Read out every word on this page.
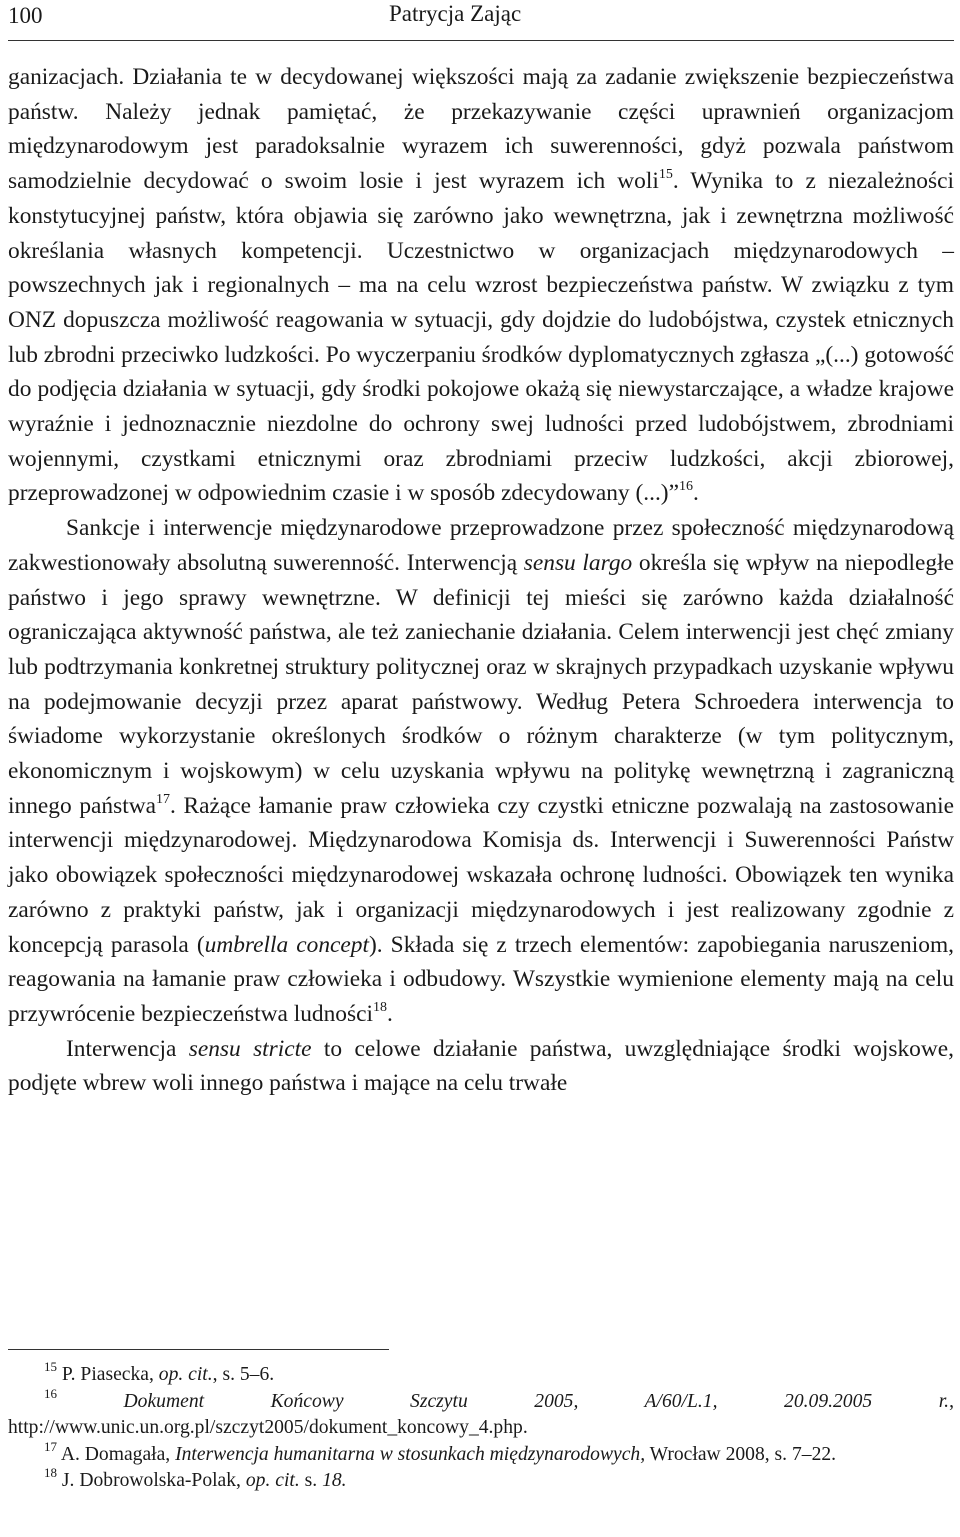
100	Patrycja Zając

ganizacjach. Działania te w decydowanej większości mają za zadanie zwiększenie bezpieczeństwa państw. Należy jednak pamiętać, że przekazywanie części uprawnień organizacjom międzynarodowym jest paradoksalnie wyrazem ich suwerenności, gdyż pozwala państwom samodzielnie decydować o swoim losie i jest wyrazem ich woli$^{15}$. Wynika to z niezależności konstytucyjnej państw, która objawia się zarówno jako wewnętrzna, jak i zewnętrzna możliwość określania własnych kompetencji. Uczestnictwo w organizacjach międzynarodowych – powszechnych jak i regionalnych – ma na celu wzrost bezpieczeństwa państw. W związku z tym ONZ dopuszcza możliwość reagowania w sytuacji, gdy dojdzie do ludobójstwa, czystek etnicznych lub zbrodni przeciwko ludzkości. Po wyczerpaniu środków dyplomatycznych zgłasza „(...) gotowość do podjęcia działania w sytuacji, gdy środki pokojowe okażą się niewystarczające, a władze krajowe wyraźnie i jednoznacznie niezdolne do ochrony swej ludności przed ludobójstwem, zbrodniami wojennymi, czystkami etnicznymi oraz zbrodniami przeciw ludzkości, akcji zbiorowej, przeprowadzonej w odpowiednim czasie i w sposób zdecydowany (...)”$^{16}$.

Sankcje i interwencje międzynarodowe przeprowadzone przez społeczność międzynarodową zakwestionowały absolutną suwerenność. Interwencją sensu largo określa się wpływ na niepodległe państwo i jego sprawy wewnętrzne. W definicji tej mieści się zarówno każda działalność ograniczająca aktywność państwa, ale też zaniechanie działania. Celem interwencji jest chęć zmiany lub podtrzymania konkretnej struktury politycznej oraz w skrajnych przypadkach uzyskanie wpływu na podejmowanie decyzji przez aparat państwowy. Według Petera Schroedera interwencja to świadome wykorzystanie określonych środków o różnym charakterze (w tym politycznym, ekonomicznym i wojskowym) w celu uzyskania wpływu na politykę wewnętrzną i zagraniczną innego państwa$^{17}$. Rażące łamanie praw człowieka czy czystki etniczne pozwalają na zastosowanie interwencji międzynarodowej. Międzynarodowa Komisja ds. Interwencji i Suwerenności Państw jako obowiązek społeczności międzynarodowej wskazała ochronę ludności. Obowiązek ten wynika zarówno z praktyki państw, jak i organizacji międzynarodowych i jest realizowany zgodnie z koncepcją parasola (umbrella concept). Składa się z trzech elementów: zapobiegania naruszeniom, reagowania na łamanie praw człowieka i odbudowy. Wszystkie wymienione elementy mają na celu przywrócenie bezpieczeństwa ludności$^{18}$.

Interwencja sensu stricte to celowe działanie państwa, uwzględniające środki wojskowe, podjęte wbrew woli innego państwa i mające na celu trwałe

$^{15}$ P. Piasecka, op. cit., s. 5–6.

$^{16}$ Dokument Końcowy Szczytu 2005, A/60/L.1, 20.09.2005 r., http://www.unic.un.org.pl/szczyt2005/dokument_koncowy_4.php.

$^{17}$ A. Domagała, Interwencja humanitarna w stosunkach międzynarodowych, Wrocław 2008, s. 7–22.

$^{18}$ J. Dobrowolska-Polak, op. cit. s. 18.
